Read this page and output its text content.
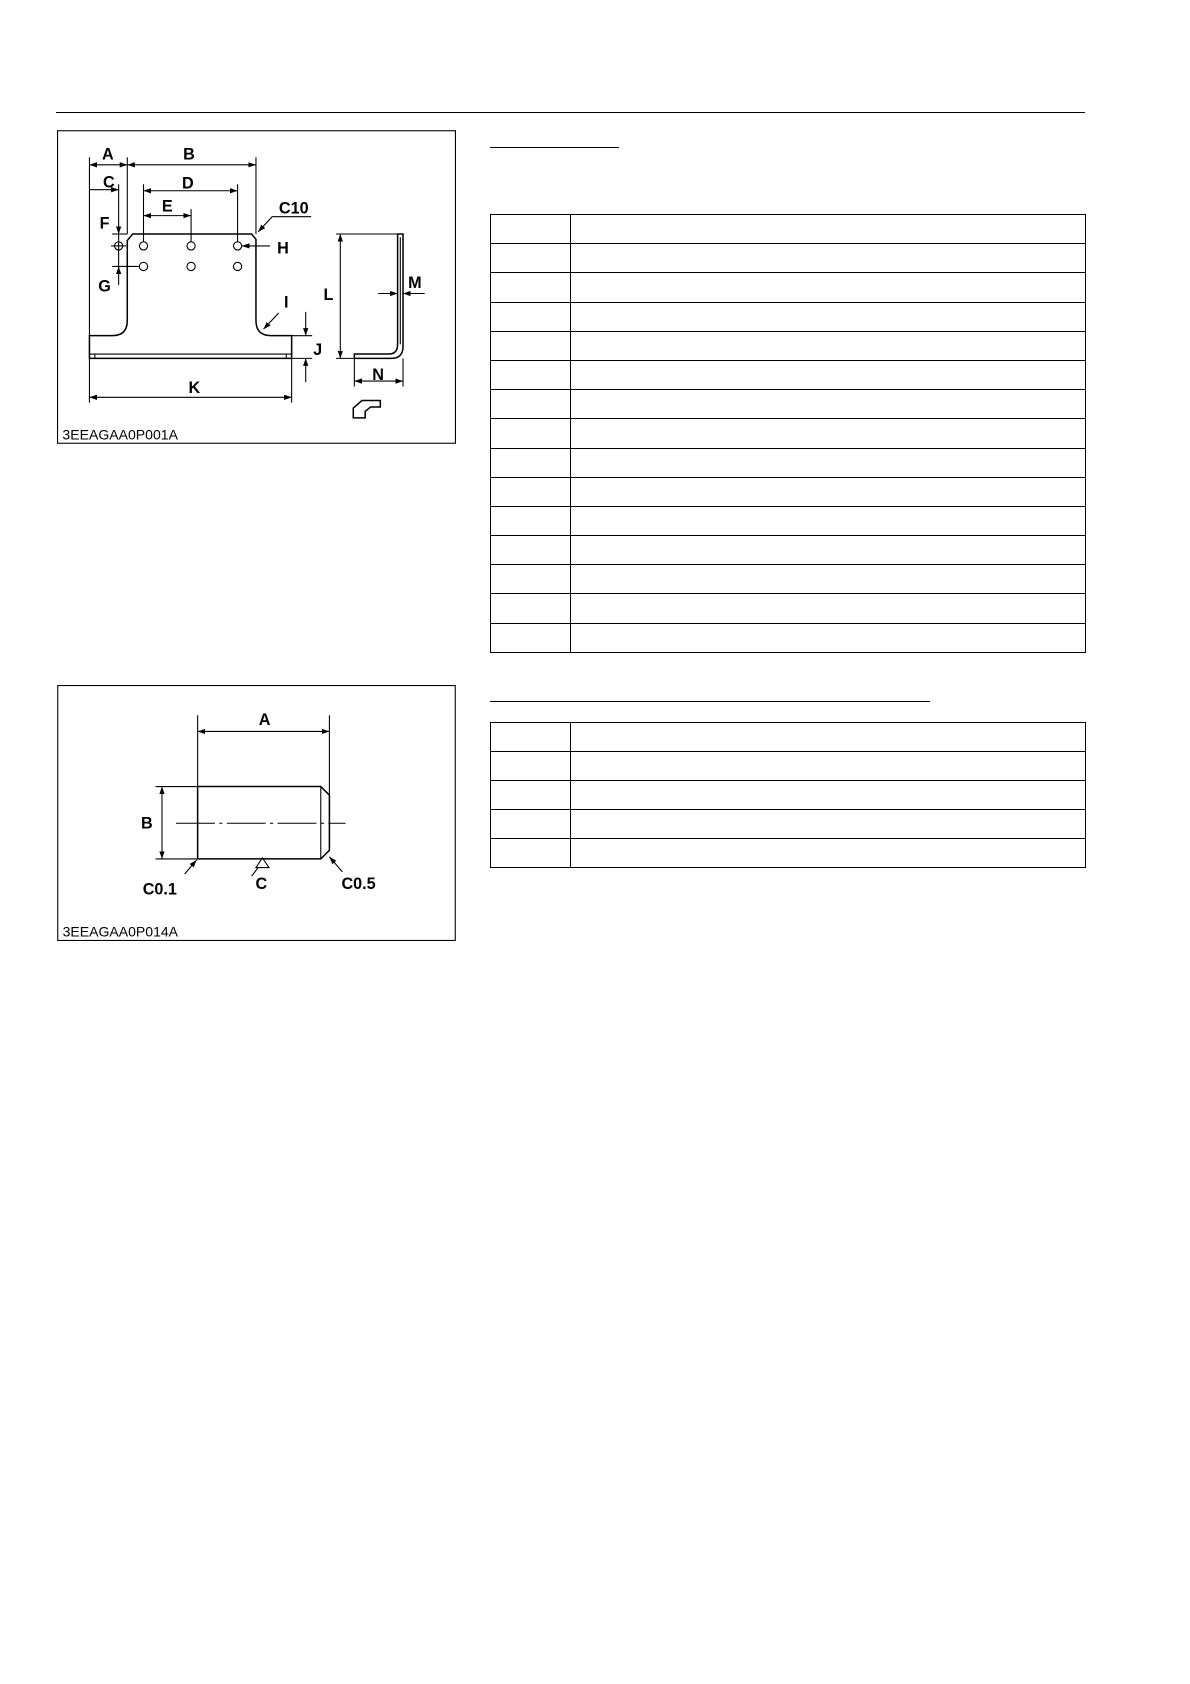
A	B
C	D
E
F
G
H
I
J
K
L
M
N
C10
3EEAGAA0P001A

A
B
C0.1	C	C0.5
3EEAGAA0P014A
